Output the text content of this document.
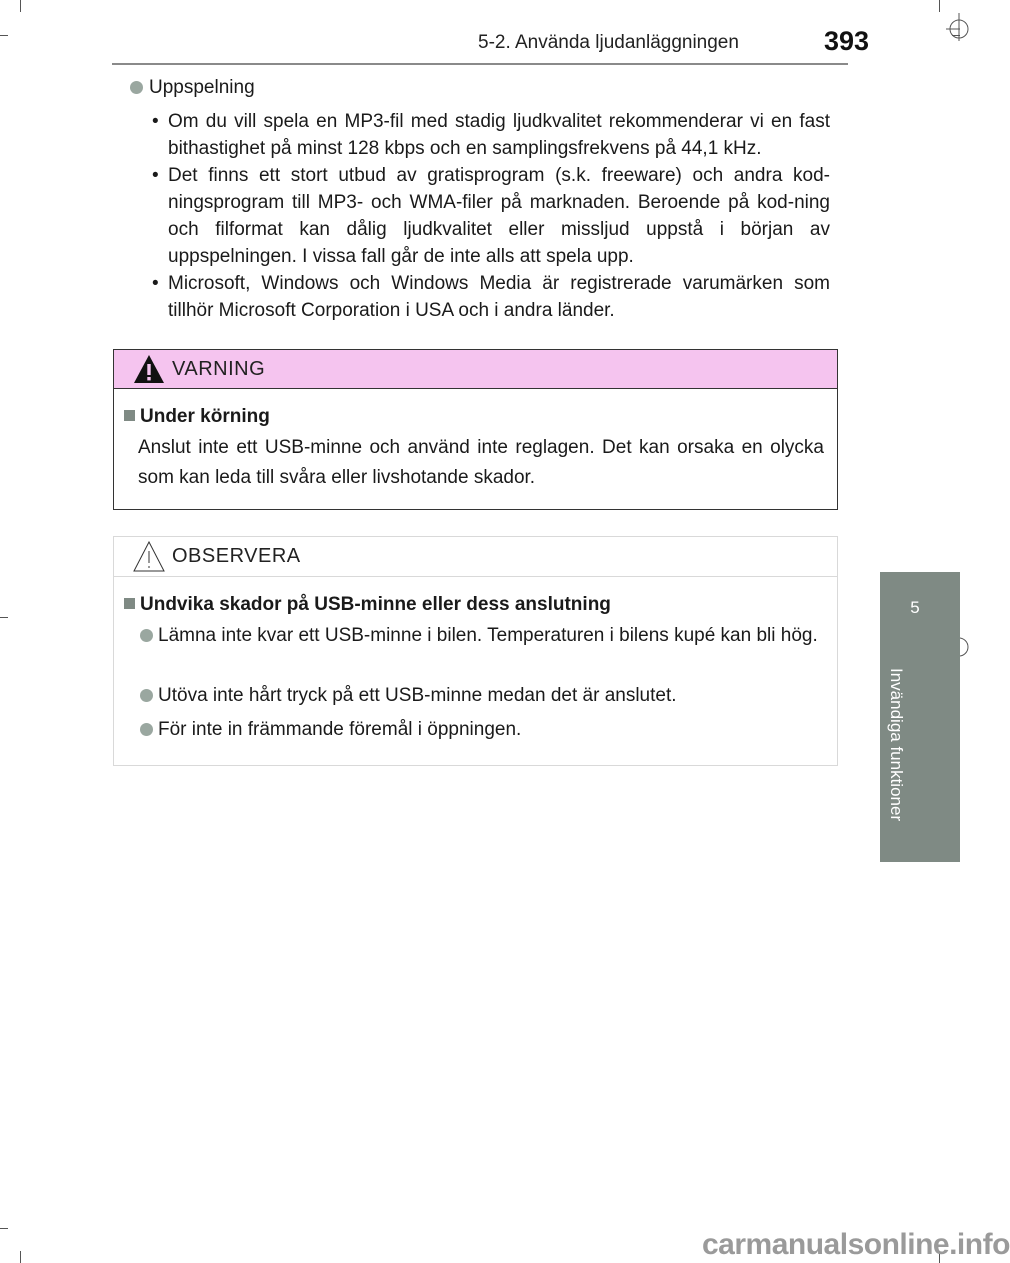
5-2. Använda ljudanläggningen	393
5
Invändiga funktioner
Uppspelning
• Om du vill spela en MP3-fil med stadig ljudkvalitet rekommenderar vi en fast bithastighet på minst 128 kbps och en samplingsfrekvens på 44,1 kHz.
• Det finns ett stort utbud av gratisprogram (s.k. freeware) och andra kod-ningsprogram till MP3- och WMA-filer på marknaden. Beroende på kod-ning och filformat kan dålig ljudkvalitet eller missljud uppstå i början av uppspelningen. I vissa fall går de inte alls att spela upp.
• Microsoft, Windows och Windows Media är registrerade varumärken som tillhör Microsoft Corporation i USA och i andra länder.
VARNING
Under körning
Anslut inte ett USB-minne och använd inte reglagen. Det kan orsaka en olycka som kan leda till svåra eller livshotande skador.
OBSERVERA
Undvika skador på USB-minne eller dess anslutning
Lämna inte kvar ett USB-minne i bilen. Temperaturen i bilens kupé kan bli hög.
Utöva inte hårt tryck på ett USB-minne medan det är anslutet.
För inte in främmande föremål i öppningen.
carmanualsonline.info
